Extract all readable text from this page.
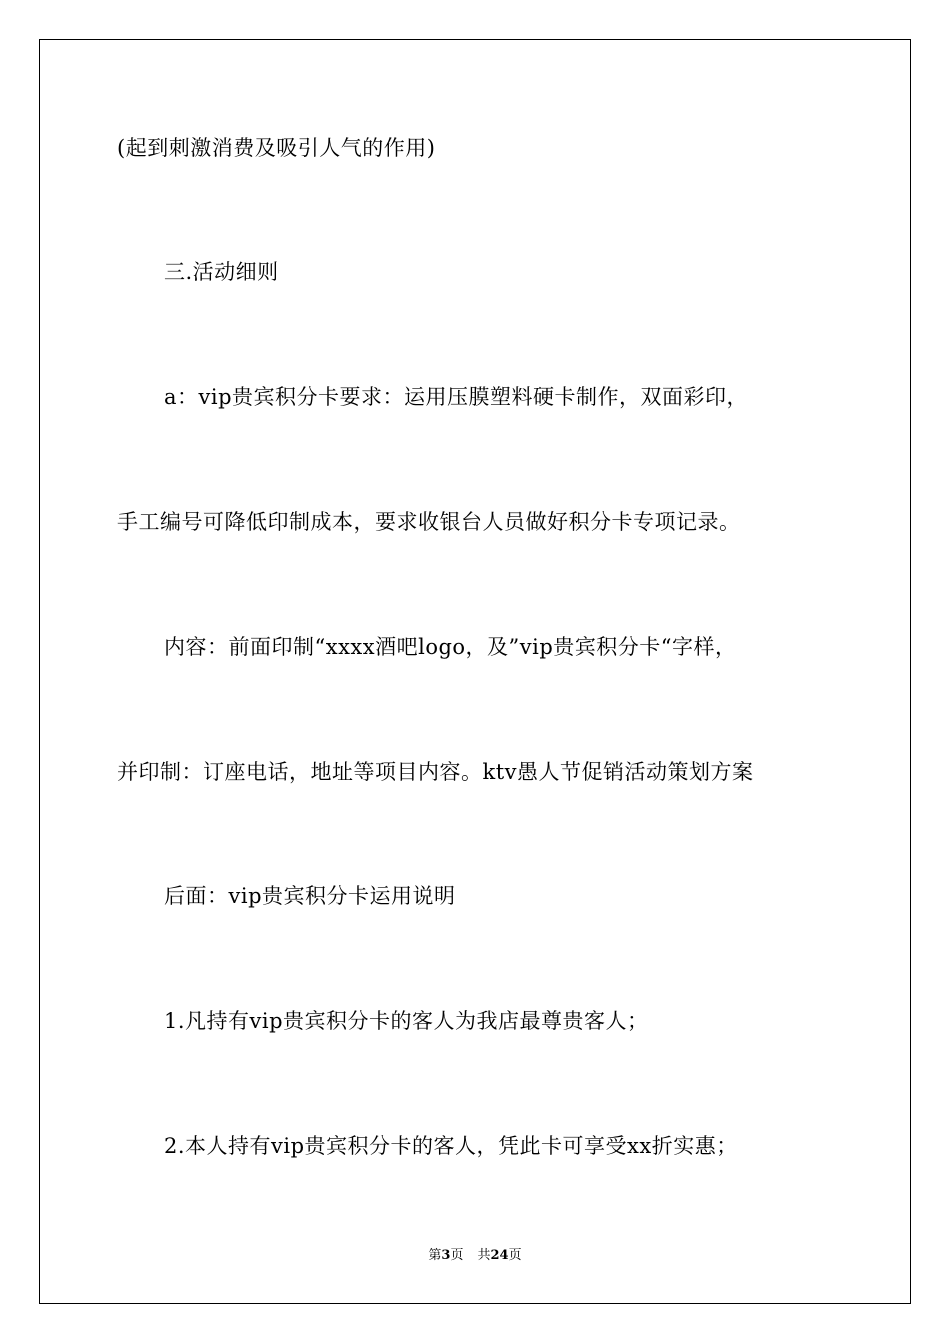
(起到刺激消费及吸引人气的作用)
三.活动细则
a：vip贵宾积分卡要求：运用压膜塑料硬卡制作，双面彩印，
手工编号可降低印制成本，要求收银台人员做好积分卡专项记录。
内容：前面印制“xxxx酒吧logo，及”vip贵宾积分卡“字样，
并印制：订座电话，地址等项目内容。ktv愚人节促销活动策划方案
后面：vip贵宾积分卡运用说明
1.凡持有vip贵宾积分卡的客人为我店最尊贵客人；
2.本人持有vip贵宾积分卡的客人，凭此卡可享受xx折实惠；
第3页 共24页
